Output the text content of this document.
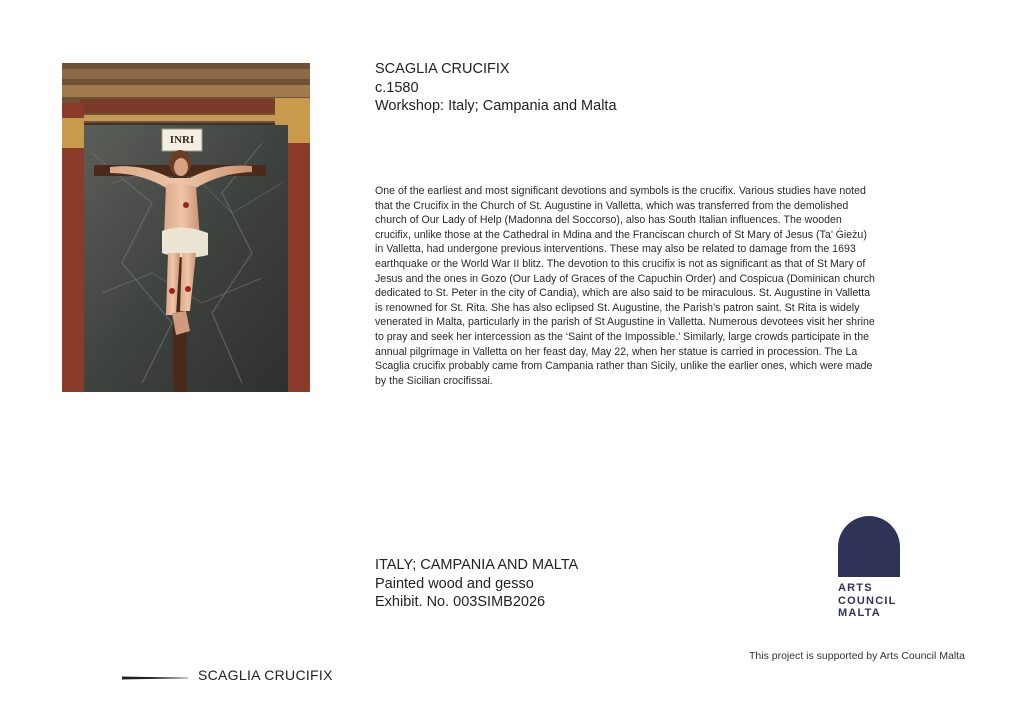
INRI
SCAGLIA CRUCIFIX
c.1580
Workshop: Italy; Campania and Malta

One of the earliest and most significant devotions and symbols is the crucifix. Various studies have noted that the Crucifix in the Church of St. Augustine in Valletta, which was transferred from the demolished church of Our Lady of Help (Madonna del Soccorso), also has South Italian influences. The wooden crucifix, unlike those at the Cathedral in Mdina and the Franciscan church of St Mary of Jesus (Ta’ Ġieżu) in Valletta, had undergone previous interventions. These may also be related to damage from the 1693 earthquake or the World War II blitz. The devotion to this crucifix is not as significant as that of St Mary of Jesus and the ones in Gozo (Our Lady of Graces of the Capuchin Order) and Cospicua (Dominican church dedicated to St. Peter in the city of Candia), which are also said to be miraculous. St. Augustine in Valletta is renowned for St. Rita. She has also eclipsed St. Augustine, the Parish’s patron saint. St Rita is widely venerated in Malta, particularly in the parish of St Augustine in Valletta. Numerous devotees visit her shrine to pray and seek her intercession as the ‘Saint of the Impossible.’ Similarly, large crowds participate in the annual pilgrimage in Valletta on her feast day, May 22, when her statue is carried in procession. The La Scaglia crucifix probably came from Campania rather than Sicily, unlike the earlier ones, which were made by the Sicilian crocifissai.

ITALY; CAMPANIA AND MALTA
Painted wood and gesso
Exhibit. No. 003SIMB2026
ARTS
COUNCIL
MALTA
This project is supported by Arts Council Malta
SCAGLIA CRUCIFIX
